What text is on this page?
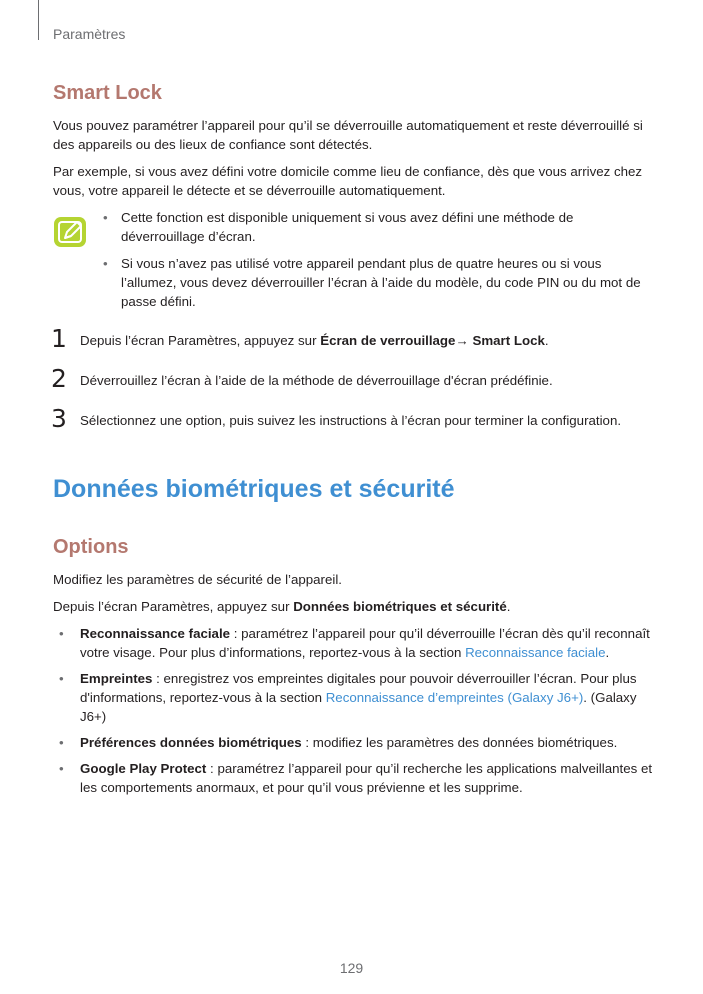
Paramètres
Smart Lock

Vous pouvez paramétrer l’appareil pour qu’il se déverrouille automatiquement et reste déverrouillé si des appareils ou des lieux de confiance sont détectés.

Par exemple, si vous avez défini votre domicile comme lieu de confiance, dès que vous arrivez chez vous, votre appareil le détecte et se déverrouille automatiquement.

• Cette fonction est disponible uniquement si vous avez défini une méthode de déverrouillage d’écran.
• Si vous n’avez pas utilisé votre appareil pendant plus de quatre heures ou si vous l’allumez, vous devez déverrouiller l’écran à l’aide du modèle, du code PIN ou du mot de passe défini.
1 Depuis l’écran Paramètres, appuyez sur Écran de verrouillage→ Smart Lock.
2 Déverrouillez l’écran à l’aide de la méthode de déverrouillage d'écran prédéfinie.
3 Sélectionnez une option, puis suivez les instructions à l’écran pour terminer la configuration.
Données biométriques et sécurité
Options

Modifiez les paramètres de sécurité de l’appareil.

Depuis l’écran Paramètres, appuyez sur Données biométriques et sécurité.

• Reconnaissance faciale : paramétrez l’appareil pour qu’il déverrouille l’écran dès qu’il reconnaît votre visage. Pour plus d’informations, reportez-vous à la section Reconnaissance faciale.
• Empreintes : enregistrez vos empreintes digitales pour pouvoir déverrouiller l’écran. Pour plus d'informations, reportez-vous à la section Reconnaissance d’empreintes (Galaxy J6+). (Galaxy J6+)
• Préférences données biométriques : modifiez les paramètres des données biométriques.
• Google Play Protect : paramétrez l’appareil pour qu’il recherche les applications malveillantes et les comportements anormaux, et pour qu’il vous prévienne et les supprime.
129
